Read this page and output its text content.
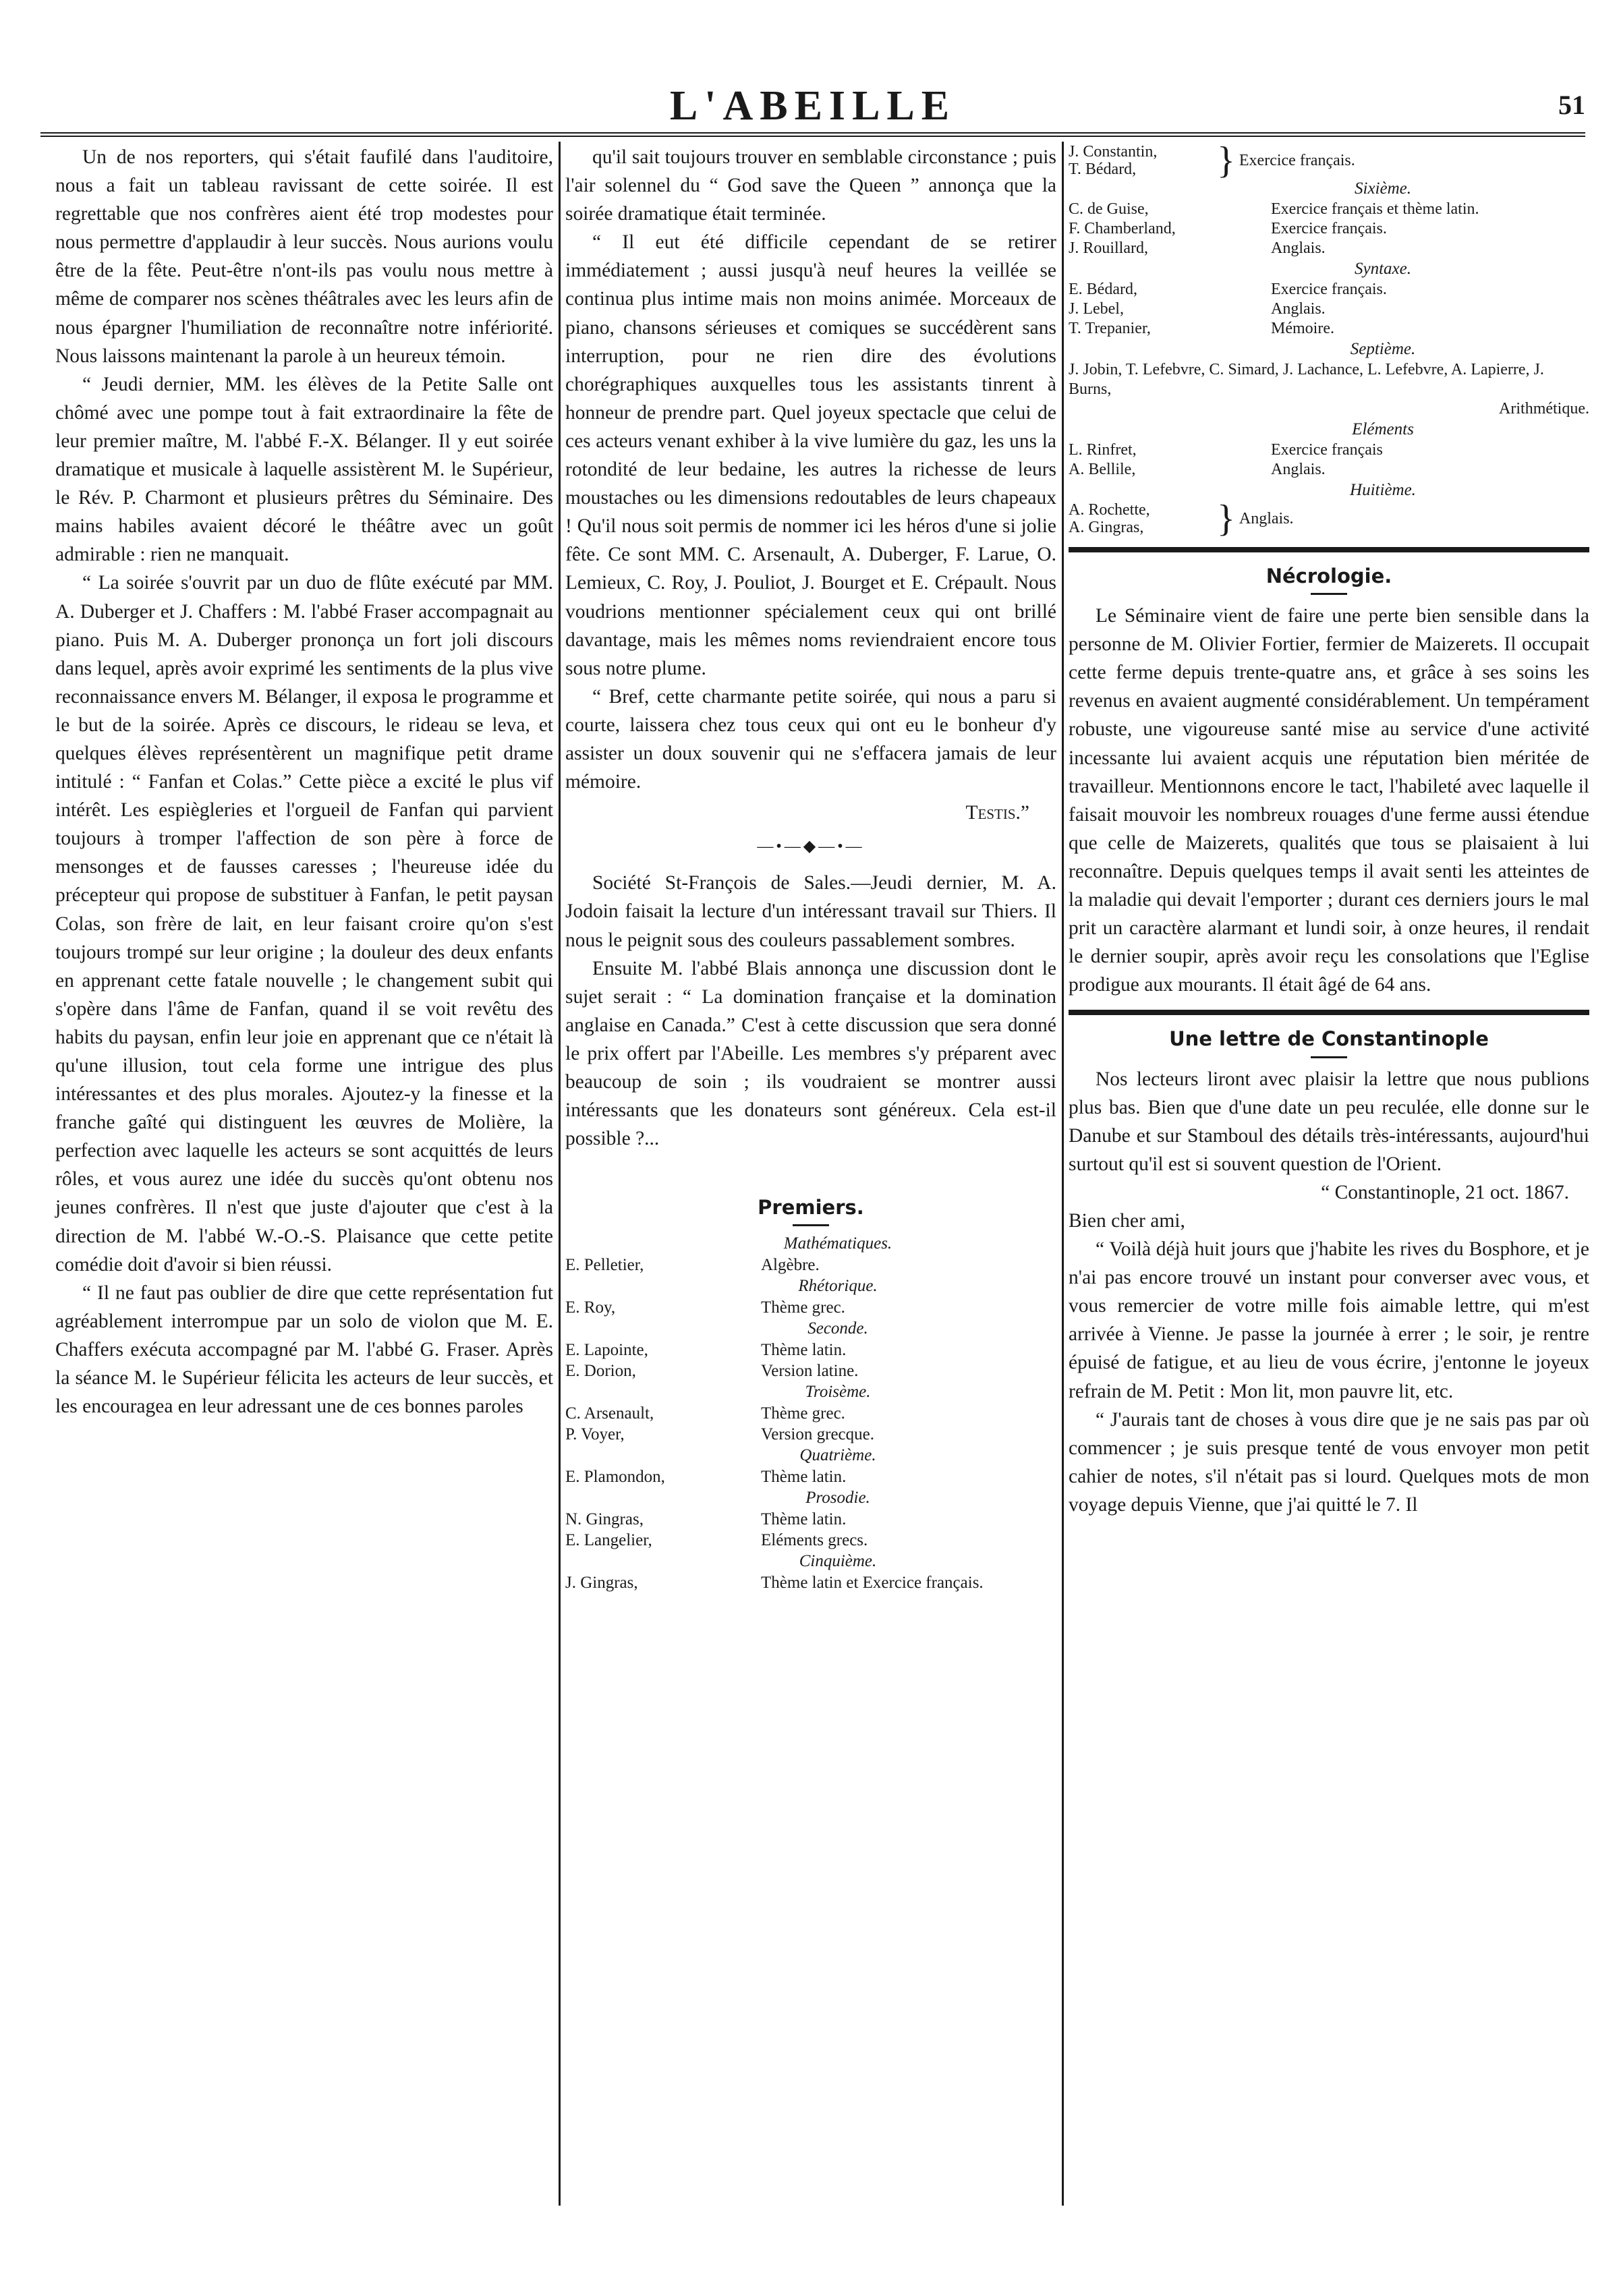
L'ABEILLE	51

Un de nos reporters, qui s'était faufilé dans l'auditoire, nous a fait un tableau ravissant de cette soirée. Il est regrettable que nos confrères aient été trop modestes pour nous permettre d'applaudir à leur succès. Nous aurions voulu être de la fête. Peut-être n'ont-ils pas voulu nous mettre à même de comparer nos scènes théâtrales avec les leurs afin de nous épargner l'humiliation de reconnaître notre infériorité. Nous laissons maintenant la parole à un heureux témoin.

“ Jeudi dernier, MM. les élèves de la Petite Salle ont chômé avec une pompe tout à fait extraordinaire la fête de leur premier maître, M. l'abbé F.-X. Bélanger. Il y eut soirée dramatique et musicale à laquelle assistèrent M. le Supérieur, le Rév. P. Charmont et plusieurs prêtres du Séminaire. Des mains habiles avaient décoré le théâtre avec un goût admirable : rien ne manquait.

“ La soirée s'ouvrit par un duo de flûte exécuté par MM. A. Duberger et J. Chaffers : M. l'abbé Fraser accompagnait au piano. Puis M. A. Duberger prononça un fort joli discours dans lequel, après avoir exprimé les sentiments de la plus vive reconnaissance envers M. Bélanger, il exposa le programme et le but de la soirée. Après ce discours, le rideau se leva, et quelques élèves représentèrent un magnifique petit drame intitulé : “ Fanfan et Colas.” Cette pièce a excité le plus vif intérêt. Les espiègleries et l'orgueil de Fanfan qui parvient toujours à tromper l'affection de son père à force de mensonges et de fausses caresses ; l'heureuse idée du précepteur qui propose de substituer à Fanfan, le petit paysan Colas, son frère de lait, en leur faisant croire qu'on s'est toujours trompé sur leur origine ; la douleur des deux enfants en apprenant cette fatale nouvelle ; le changement subit qui s'opère dans l'âme de Fanfan, quand il se voit revêtu des habits du paysan, enfin leur joie en apprenant que ce n'était là qu'une illusion, tout cela forme une intrigue des plus intéressantes et des plus morales. Ajoutez-y la finesse et la franche gaîté qui distinguent les œuvres de Molière, la perfection avec laquelle les acteurs se sont acquittés de leurs rôles, et vous aurez une idée du succès qu'ont obtenu nos jeunes confrères. Il n'est que juste d'ajouter que c'est à la direction de M. l'abbé W.-O.-S. Plaisance que cette petite comédie doit d'avoir si bien réussi.

“ Il ne faut pas oublier de dire que cette représentation fut agréablement interrompue par un solo de violon que M. E. Chaffers exécuta accompagné par M. l'abbé G. Fraser. Après la séance M. le Supérieur félicita les acteurs de leur succès, et les encouragea en leur adressant une de ces bonnes paroles

qu'il sait toujours trouver en semblable circonstance ; puis l'air solennel du “ God save the Queen ” annonça que la soirée dramatique était terminée.

“ Il eut été difficile cependant de se retirer immédiatement ; aussi jusqu'à neuf heures la veillée se continua plus intime mais non moins animée. Morceaux de piano, chansons sérieuses et comiques se succédèrent sans interruption, pour ne rien dire des évolutions chorégraphiques auxquelles tous les assistants tinrent à honneur de prendre part. Quel joyeux spectacle que celui de ces acteurs venant exhiber à la vive lumière du gaz, les uns la rotondité de leur bedaine, les autres la richesse de leurs moustaches ou les dimensions redoutables de leurs chapeaux ! Qu'il nous soit permis de nommer ici les héros d'une si jolie fête. Ce sont MM. C. Arsenault, A. Duberger, F. Larue, O. Lemieux, C. Roy, J. Pouliot, J. Bourget et E. Crépault. Nous voudrions mentionner spécialement ceux qui ont brillé davantage, mais les mêmes noms reviendraient encore tous sous notre plume.

“ Bref, cette charmante petite soirée, qui nous a paru si courte, laissera chez tous ceux qui ont eu le bonheur d'y assister un doux souvenir qui ne s'effacera jamais de leur mémoire.

Testis.”
—•—◆—•—

Société St-François de Sales.—Jeudi dernier, M. A. Jodoin faisait la lecture d'un intéressant travail sur Thiers. Il nous le peignit sous des couleurs passablement sombres.

Ensuite M. l'abbé Blais annonça une discussion dont le sujet serait : “ La domination française et la domination anglaise en Canada.” C'est à cette discussion que sera donné le prix offert par l'Abeille. Les membres s'y préparent avec beaucoup de soin ; ils voudraient se montrer aussi intéressants que les donateurs sont généreux. Cela est-il possible ?...

Premiers.
Mathématiques.
E. Pelletier,	Algèbre.
Rhétorique.
E. Roy,	Thème grec.
Seconde.
E. Lapointe,	Thème latin.
E. Dorion,	Version latine.
Troisème.
C. Arsenault,	Thème grec.
P. Voyer,	Version grecque.
Quatrième.
E. Plamondon,	Thème latin.
Prosodie.
N. Gingras,	Thème latin.
E. Langelier,	Eléments grecs.
Cinquième.
J. Gingras,	Thème latin et Exercice français.
J. Constantin,
T. Bédard,	} Exercice français.
Sixième.
C. de Guise,	Exercice français et thème latin.
F. Chamberland,	Exercice français.
J. Rouillard,	Anglais.
Syntaxe.
E. Bédard,	Exercice français.
J. Lebel,	Anglais.
T. Trepanier,	Mémoire.
Septième.
J. Jobin, T. Lefebvre, C. Simard, J. Lachance, L. Lefebvre, A. Lapierre, J. Burns,
Arithmétique.
Eléments
L. Rinfret,	Exercice français
A. Bellile,	Anglais.
Huitième.
A. Rochette,
A. Gingras,	} Anglais.
Nécrologie.

Le Séminaire vient de faire une perte bien sensible dans la personne de M. Olivier Fortier, fermier de Maizerets. Il occupait cette ferme depuis trente-quatre ans, et grâce à ses soins les revenus en avaient augmenté considérablement. Un tempérament robuste, une vigoureuse santé mise au service d'une activité incessante lui avaient acquis une réputation bien méritée de travailleur. Mentionnons encore le tact, l'habileté avec laquelle il faisait mouvoir les nombreux rouages d'une ferme aussi étendue que celle de Maizerets, qualités que tous se plaisaient à lui reconnaître. Depuis quelques temps il avait senti les atteintes de la maladie qui devait l'emporter ; durant ces derniers jours le mal prit un caractère alarmant et lundi soir, à onze heures, il rendait le dernier soupir, après avoir reçu les consolations que l'Eglise prodigue aux mourants. Il était âgé de 64 ans.

Une lettre de Constantinople

Nos lecteurs liront avec plaisir la lettre que nous publions plus bas. Bien que d'une date un peu reculée, elle donne sur le Danube et sur Stamboul des détails très-intéressants, aujourd'hui surtout qu'il est si souvent question de l'Orient.

“ Constantinople, 21 oct. 1867.
Bien cher ami,

“ Voilà déjà huit jours que j'habite les rives du Bosphore, et je n'ai pas encore trouvé un instant pour converser avec vous, et vous remercier de votre mille fois aimable lettre, qui m'est arrivée à Vienne. Je passe la journée à errer ; le soir, je rentre épuisé de fatigue, et au lieu de vous écrire, j'entonne le joyeux refrain de M. Petit : Mon lit, mon pauvre lit, etc.

“ J'aurais tant de choses à vous dire que je ne sais pas par où commencer ; je suis presque tenté de vous envoyer mon petit cahier de notes, s'il n'était pas si lourd. Quelques mots de mon voyage depuis Vienne, que j'ai quitté le 7. Il
